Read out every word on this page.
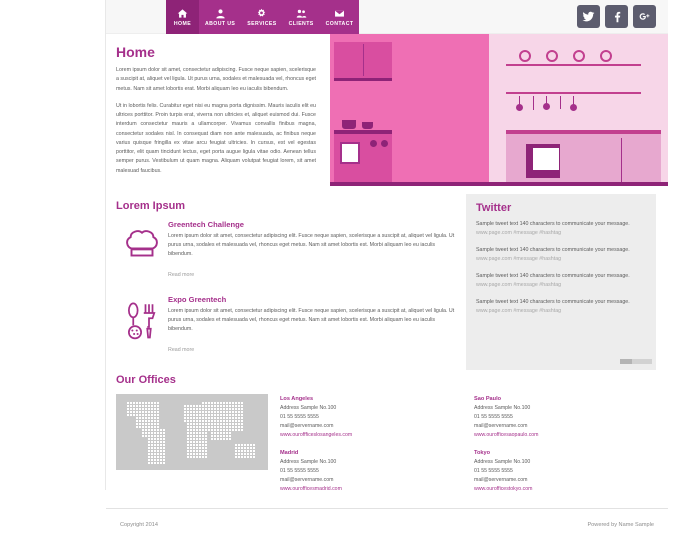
HOME	ABOUT US SERVICES CLIENTS CONTACT
Home

Lorem ipsum dolor sit amet, consectetur adipiscing. Fusce neque sapien, scelerisque a suscipit at, aliquet vel ligula. Ut purus urna, sodales et malesuada vel, rhoncus eget metus. Nam sit amet lobortis erat. Morbi aliquam leo eu iaculis bibendum.

Ut in lobortis felis. Curabitur eget nisi eu magna porta dignissim. Mauris iaculis elit eu ultrices porttitor. Proin turpis erat, viverra non ultricies et, aliquet euismod dui. Fusce interdum consectetur mauris a ullamcorper. Vivamus convallis finibus magna, consectetur sodales nisl. In consequat diam non ante malesuada, ac finibus neque varius quisque fringilla ex vitae arcu feugiat ultricies. In cursus, est vel egestas porttitor, elit quam tincidunt lectus, eget porta augue ligula vitae odio. Aenean tellus semper purus. Vestibulum ut quam magna. Aliquam volutpat feugiat lorem, sit amet malesuad faucibus.

Lorem Ipsum
Greentech Challenge

Lorem ipsum dolor sit amet, consectetur adipiscing elit. Fusce neque sapien, scelerisque a suscipit at, aliquet vel ligula. Ut purus urna, sodales et malesuada vel, rhoncus eget metus. Nam sit amet lobortis est. Morbi aliquam leo eu iaculis bibendum.

Read more
Expo Greentech

Lorem ipsum dolor sit amet, consectetur adipiscing elit. Fusce neque sapien, scelerisque a suscipit at, aliquet vel ligula. Ut purus urna, sodales et malesuada vel, rhoncus eget metus. Nam sit amet lobortis est. Morbi aliquam leo eu iaculis bibendum.

Read more
Twitter

Sample tweet text 140 characters to communicate your message.

www.page.com #message #hashtag

Sample tweet text 140 characters to communicate your message.

www.page.com #message #hashtag

Sample tweet text 140 characters to communicate your message.

www.page.com #message #hashtag

Sample tweet text 140 characters to communicate your message.

www.page.com #message #hashtag

Our Offices
Los Angeles

Address Sample No.100

01 55 5555 5555

mail@servername.com

www.ouroffficeslosangeles.com

Sao Paulo

Address Sample No.100

01 55 5555 5555

mail@servername.com

www.ourofficesaopaulo.com

Madrid

Address Sample No.100

01 55 5555 5555

mail@servername.com

www.ourofficesmadrid.com

Tokyo

Address Sample No.100

01 55 5555 5555

mail@servername.com

www.ourofficestokyo.com

Copyright 2014	Powered by Name Sample
